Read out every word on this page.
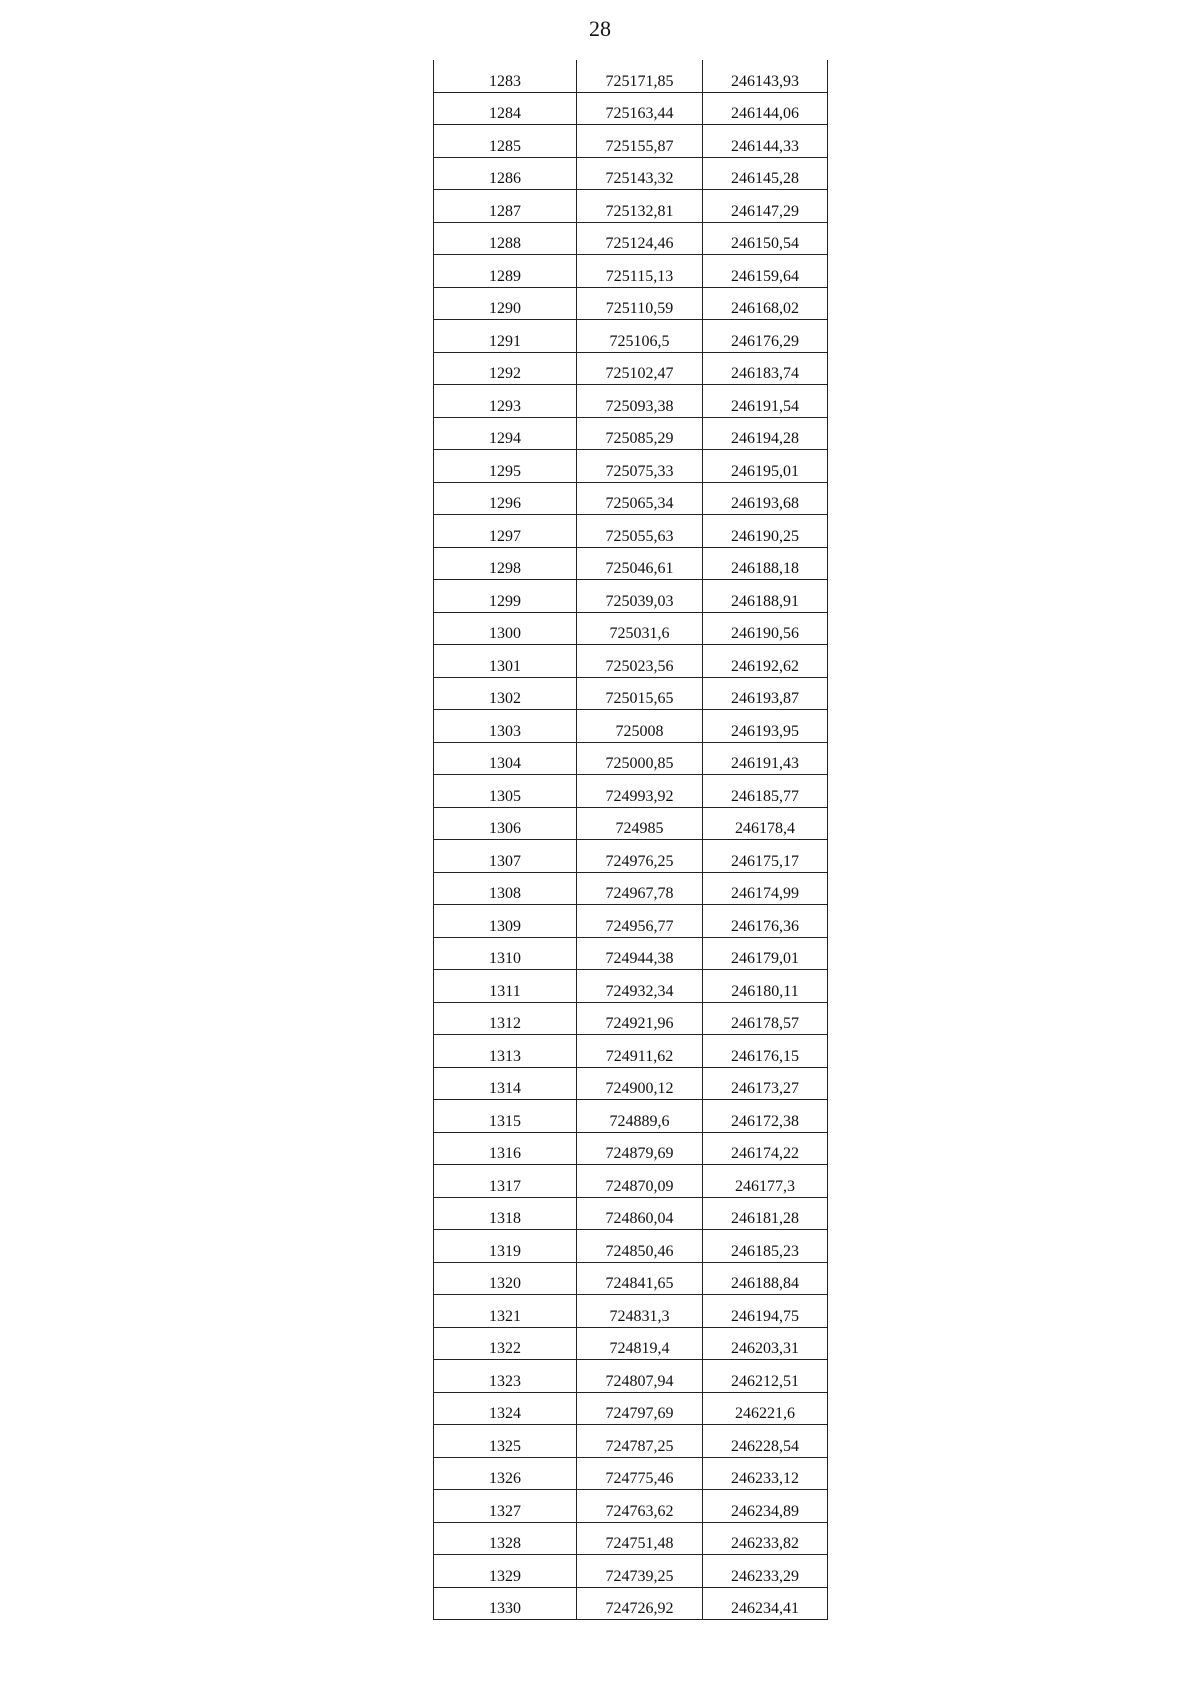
28
1283	725171,85	246143,93
1284	725163,44	246144,06
1285	725155,87	246144,33
1286	725143,32	246145,28
1287	725132,81	246147,29
1288	725124,46	246150,54
1289	725115,13	246159,64
1290	725110,59	246168,02
1291	725106,5	246176,29
1292	725102,47	246183,74
1293	725093,38	246191,54
1294	725085,29	246194,28
1295	725075,33	246195,01
1296	725065,34	246193,68
1297	725055,63	246190,25
1298	725046,61	246188,18
1299	725039,03	246188,91
1300	725031,6	246190,56
1301	725023,56	246192,62
1302	725015,65	246193,87
1303	725008	246193,95
1304	725000,85	246191,43
1305	724993,92	246185,77
1306	724985	246178,4
1307	724976,25	246175,17
1308	724967,78	246174,99
1309	724956,77	246176,36
1310	724944,38	246179,01
1311	724932,34	246180,11
1312	724921,96	246178,57
1313	724911,62	246176,15
1314	724900,12	246173,27
1315	724889,6	246172,38
1316	724879,69	246174,22
1317	724870,09	246177,3
1318	724860,04	246181,28
1319	724850,46	246185,23
1320	724841,65	246188,84
1321	724831,3	246194,75
1322	724819,4	246203,31
1323	724807,94	246212,51
1324	724797,69	246221,6
1325	724787,25	246228,54
1326	724775,46	246233,12
1327	724763,62	246234,89
1328	724751,48	246233,82
1329	724739,25	246233,29
1330	724726,92	246234,41
